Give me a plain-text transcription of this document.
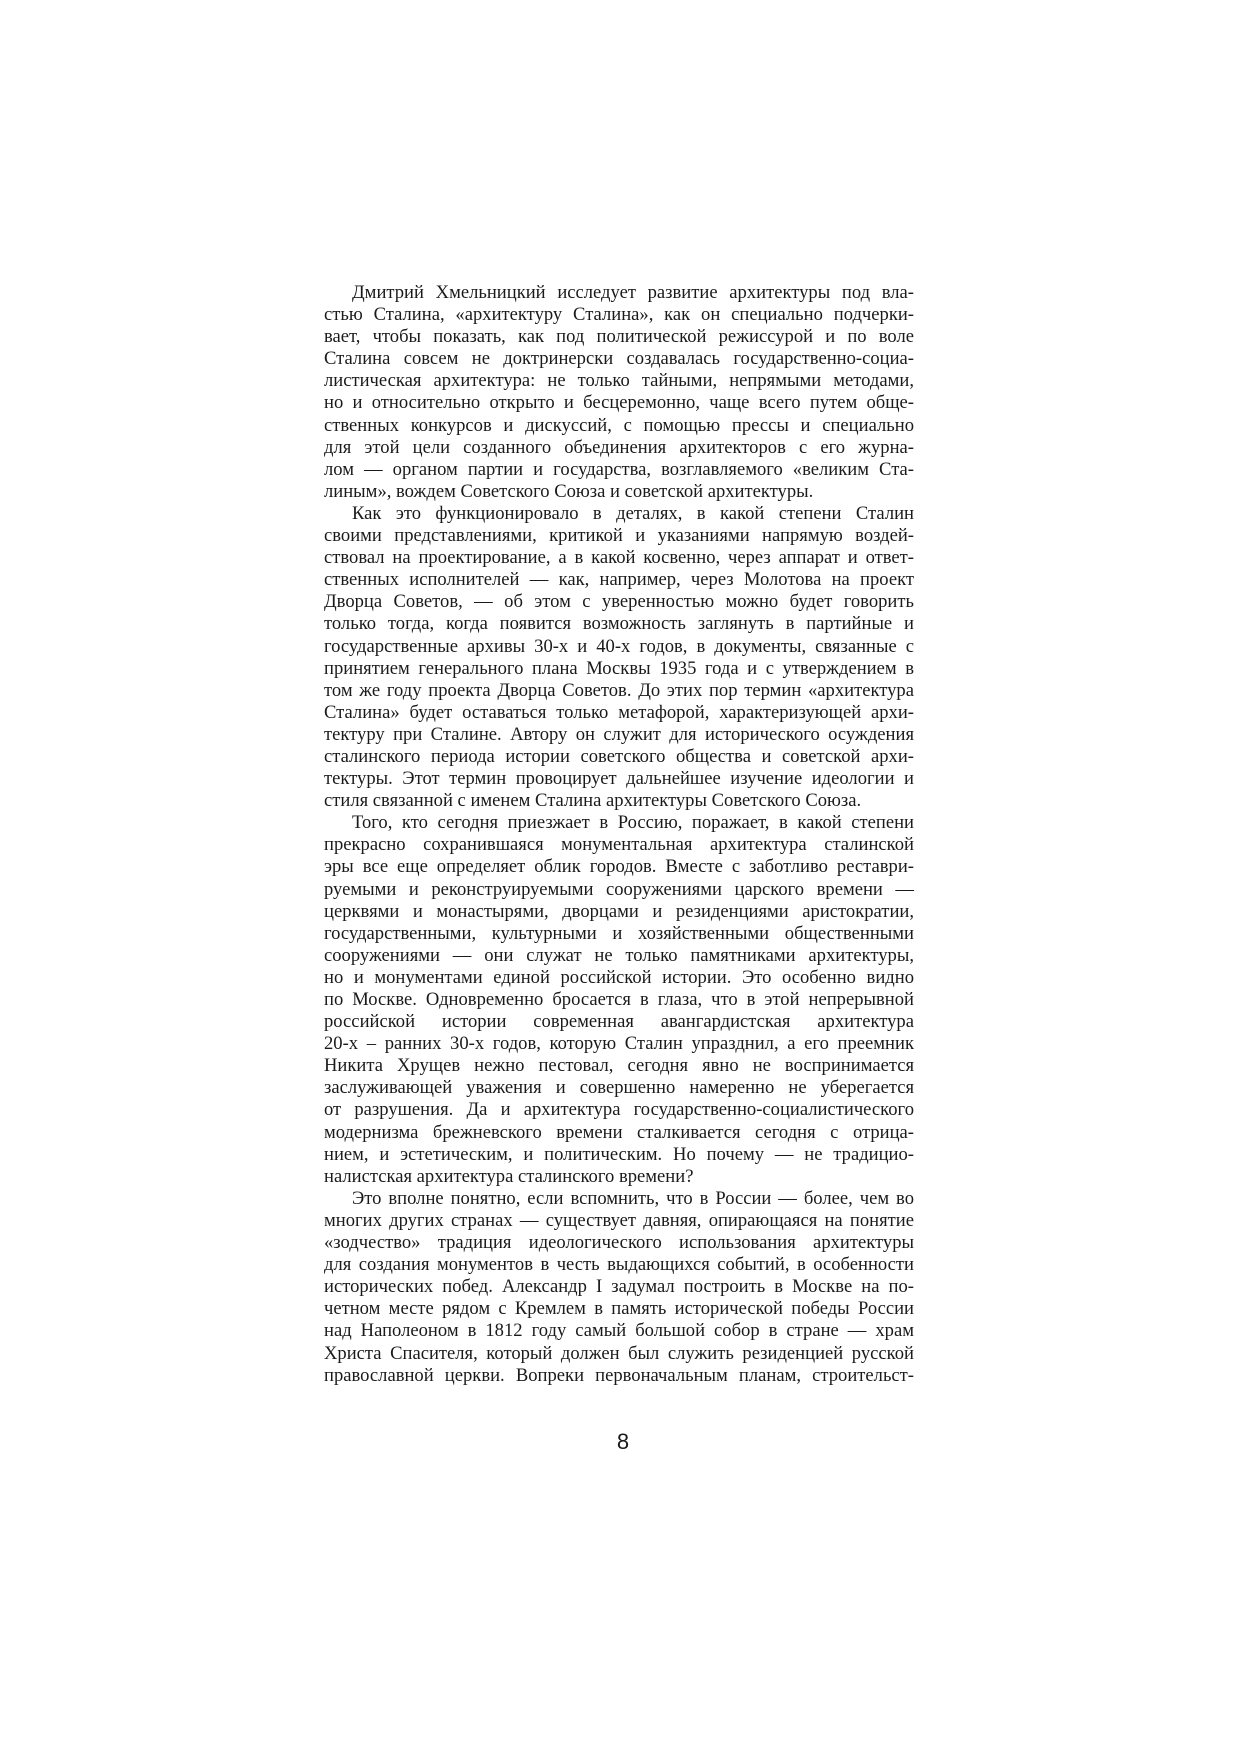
Дмитрий Хмельницкий исследует развитие архитектуры под вла-
стью Сталина, «архитектуру Сталина», как он специально подчерки-
вает, чтобы показать, как под политической режиссурой и по воле
Сталина совсем не доктринерски создавалась государственно-социа-
листическая архитектура: не только тайными, непрямыми методами,
но и относительно открыто и бесцеремонно, чаще всего путем обще-
ственных конкурсов и дискуссий, с помощью прессы и специально
для этой цели созданного объединения архитекторов с его журна-
лом — органом партии и государства, возглавляемого «великим Ста-
линым», вождем Советского Союза и советской архитектуры.
Как это функционировало в деталях, в какой степени Сталин
своими представлениями, критикой и указаниями напрямую воздей-
ствовал на проектирование, а в какой косвенно, через аппарат и ответ-
ственных исполнителей — как, например, через Молотова на проект
Дворца Советов, — об этом с уверенностью можно будет говорить
только тогда, когда появится возможность заглянуть в партийные и
государственные архивы 30-х и 40-х годов, в документы, связанные с
принятием генерального плана Москвы 1935 года и с утверждением в
том же году проекта Дворца Советов. До этих пор термин «архитектура
Сталина» будет оставаться только метафорой, характеризующей архи-
тектуру при Сталине. Автору он служит для исторического осуждения
сталинского периода истории советского общества и советской архи-
тектуры. Этот термин провоцирует дальнейшее изучение идеологии и
стиля связанной с именем Сталина архитектуры Советского Союза.
Того, кто сегодня приезжает в Россию, поражает, в какой степени
прекрасно сохранившаяся монументальная архитектура сталинской
эры все еще определяет облик городов. Вместе с заботливо реставри-
руемыми и реконструируемыми сооружениями царского времени —
церквями и монастырями, дворцами и резиденциями аристократии,
государственными, культурными и хозяйственными общественными
сооружениями — они служат не только памятниками архитектуры,
но и монументами единой российской истории. Это особенно видно
по Москве. Одновременно бросается в глаза, что в этой непрерывной
российской истории современная авангардистская архитектура
20-х – ранних 30-х годов, которую Сталин упразднил, а его преемник
Никита Хрущев нежно пестовал, сегодня явно не воспринимается
заслуживающей уважения и совершенно намеренно не уберегается
от разрушения. Да и архитектура государственно-социалистического
модернизма брежневского времени сталкивается сегодня с отрица-
нием, и эстетическим, и политическим. Но почему — не традицио-
налистская архитектура сталинского времени?
Это вполне понятно, если вспомнить, что в России — более, чем во
многих других странах — существует давняя, опирающаяся на понятие
«зодчество» традиция идеологического использования архитектуры
для создания монументов в честь выдающихся событий, в особенности
исторических побед. Александр I задумал построить в Москве на по-
четном месте рядом с Кремлем в память исторической победы России
над Наполеоном в 1812 году самый большой собор в стране — храм
Христа Спасителя, который должен был служить резиденцией русской
православной церкви. Вопреки первоначальным планам, строительст-
8
